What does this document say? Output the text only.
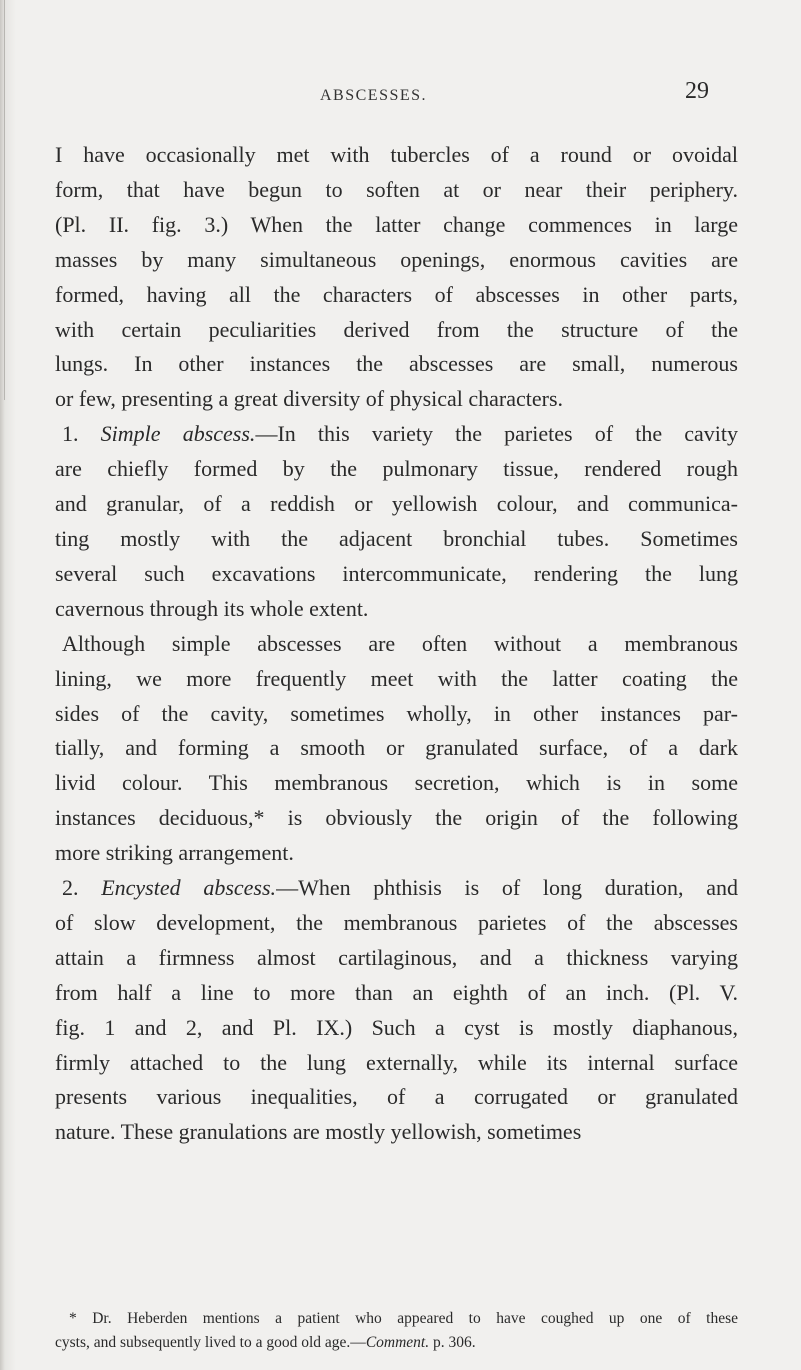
ABSCESSES.	29
I have occasionally met with tubercles of a round or ovoidal
form, that have begun to soften at or near their periphery.
(Pl. II. fig. 3.) When the latter change commences in large
masses by many simultaneous openings, enormous cavities are
formed, having all the characters of abscesses in other parts,
with certain peculiarities derived from the structure of the
lungs. In other instances the abscesses are small, numerous
or few, presenting a great diversity of physical characters.
1. Simple abscess.—In this variety the parietes of the cavity
are chiefly formed by the pulmonary tissue, rendered rough
and granular, of a reddish or yellowish colour, and communica-
ting mostly with the adjacent bronchial tubes. Sometimes
several such excavations intercommunicate, rendering the lung
cavernous through its whole extent.
Although simple abscesses are often without a membranous
lining, we more frequently meet with the latter coating the
sides of the cavity, sometimes wholly, in other instances par-
tially, and forming a smooth or granulated surface, of a dark
livid colour. This membranous secretion, which is in some
instances deciduous,* is obviously the origin of the following
more striking arrangement.
2. Encysted abscess.—When phthisis is of long duration, and
of slow development, the membranous parietes of the abscesses
attain a firmness almost cartilaginous, and a thickness varying
from half a line to more than an eighth of an inch. (Pl. V.
fig. 1 and 2, and Pl. IX.) Such a cyst is mostly diaphanous,
firmly attached to the lung externally, while its internal surface
presents various inequalities, of a corrugated or granulated
nature. These granulations are mostly yellowish, sometimes
* Dr. Heberden mentions a patient who appeared to have coughed up one of these
cysts, and subsequently lived to a good old age.—Comment. p. 306.
